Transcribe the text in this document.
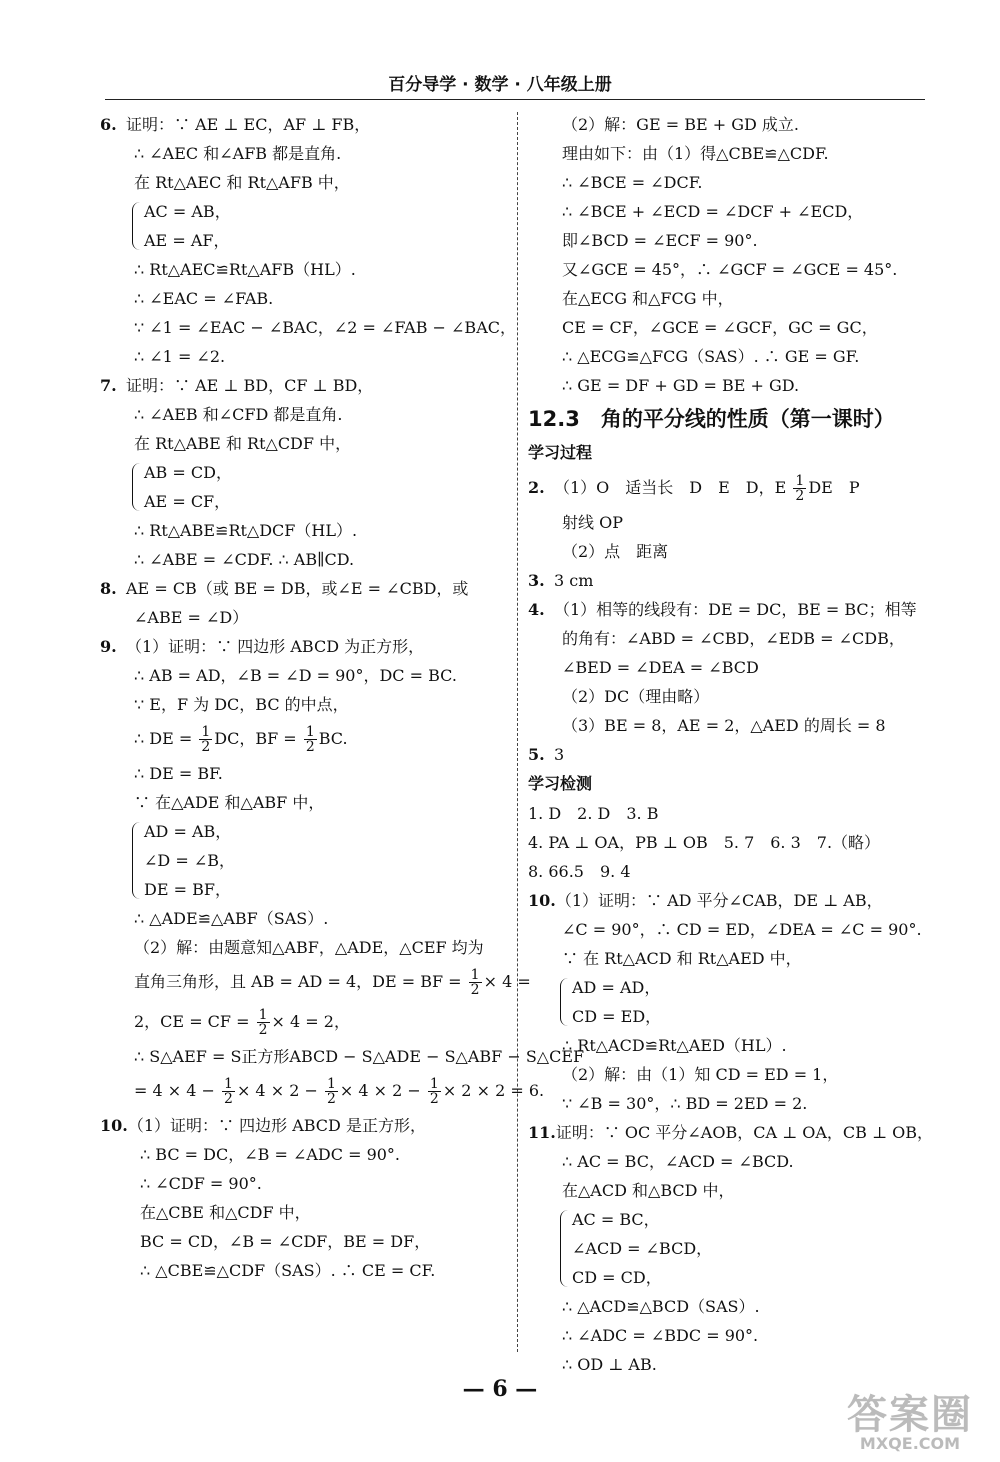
百分导学 · 数学 · 八年级上册
6. 证明：∵ AE ⊥ EC，AF ⊥ FB，
∴ ∠AEC 和∠AFB 都是直角.
在 Rt△AEC 和 Rt△AFB 中，
AC = AB，
AE = AF，
∴ Rt△AEC≌Rt△AFB（HL）.
∴ ∠EAC = ∠FAB.
∵ ∠1 = ∠EAC − ∠BAC，∠2 = ∠FAB − ∠BAC，
∴ ∠1 = ∠2.
7. 证明：∵ AE ⊥ BD，CF ⊥ BD，
∴ ∠AEB 和∠CFD 都是直角.
在 Rt△ABE 和 Rt△CDF 中，
AB = CD，
AE = CF，
∴ Rt△ABE≌Rt△DCF（HL）.
∴ ∠ABE = ∠CDF. ∴ AB∥CD.
8. AE = CB（或 BE = DB，或∠E = ∠CBD，或
∠ABE = ∠D）
9. （1）证明：∵ 四边形 ABCD 为正方形，
∴ AB = AD，∠B = ∠D = 90°，DC = BC.
∵ E，F 为 DC，BC 的中点，
∴ DE = $\frac{1}{2}$ DC，BF = $\frac{1}{2}$ BC.
∴ DE = BF.
∵ 在△ADE 和△ABF 中，
AD = AB，
∠D = ∠B，
DE = BF，
∴ △ADE≌△ABF（SAS）.
（2）解：由题意知△ABF，△ADE，△CEF 均为
直角三角形，且 AB = AD = 4，DE = BF = $\frac{1}{2} \times 4$ =
2，CE = CF = $\frac{1}{2} \times 4 = 2$，
∴ S△AEF = S正方形ABCD − S△ADE − S△ABF − S△CEF
= $4 \times 4 - \frac{1}{2} \times 4 \times 2 - \frac{1}{2} \times 4 \times 2 - \frac{1}{2} \times 2 \times 2 = 6$.
10.（1）证明：∵ 四边形 ABCD 是正方形，
∴ BC = DC，∠B = ∠ADC = 90°.
∴ ∠CDF = 90°.
在△CBE 和△CDF 中，
BC = CD，∠B = ∠CDF，BE = DF，
∴ △CBE≌△CDF（SAS）. ∴ CE = CF.
（2）解：GE = BE + GD 成立.
理由如下：由（1）得△CBE≌△CDF.
∴ ∠BCE = ∠DCF.
∴ ∠BCE + ∠ECD = ∠DCF + ∠ECD，
即∠BCD = ∠ECF = 90°.
又∠GCE = 45°，∴ ∠GCF = ∠GCE = 45°.
在△ECG 和△FCG 中，
CE = CF，∠GCE = ∠GCF，GC = GC，
∴ △ECG≌△FCG（SAS）. ∴ GE = GF.
∴ GE = DF + GD = BE + GD.
12.3　角的平分线的性质（第一课时）
学习过程
2. （1）O　适当长　D　E　D，E $\frac{1}{2}$ DE　P
射线 OP
（2）点　距离
3. 3 cm
4. （1）相等的线段有：DE = DC，BE = BC；相等
的角有：∠ABD = ∠CBD，∠EDB = ∠CDB，
∠BED = ∠DEA = ∠BCD
（2）DC（理由略）
（3）BE = 8，AE = 2，△AED 的周长 = 8
5. 3
学习检测
1. D　2. D　3. B
4. PA ⊥ OA，PB ⊥ OB　5. 7　6. 3　7.（略）
8. 66.5　9. 4
10.（1）证明：∵ AD 平分∠CAB，DE ⊥ AB，
∠C = 90°，∴ CD = ED，∠DEA = ∠C = 90°.
∵ 在 Rt△ACD 和 Rt△AED 中，
AD = AD，
CD = ED，
∴ Rt△ACD≌Rt△AED（HL）.
（2）解：由（1）知 CD = ED = 1，
∵ ∠B = 30°，∴ BD = 2ED = 2.
11.证明：∵ OC 平分∠AOB，CA ⊥ OA，CB ⊥ OB，
∴ AC = BC，∠ACD = ∠BCD.
在△ACD 和△BCD 中，
AC = BC，
∠ACD = ∠BCD，
CD = CD，
∴ △ACD≌△BCD（SAS）.
∴ ∠ADC = ∠BDC = 90°.
∴ OD ⊥ AB.
— 6 —
答案圈
MXQE.COM
